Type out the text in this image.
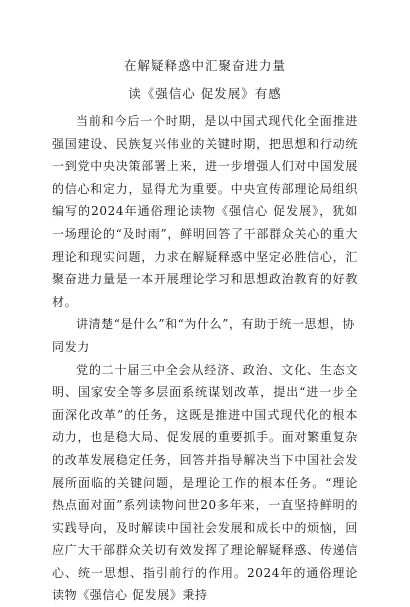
在解疑释惑中汇聚奋进力量

读《强信心 促发展》有感

当前和今后一个时期，是以中国式现代化全面推进强国建设、民族复兴伟业的关键时期，把思想和行动统一到党中央决策部署上来，进一步增强人们对中国发展的信心和定力，显得尤为重要。中央宣传部理论局组织编写的2024年通俗理论读物《强信心 促发展》，犹如一场理论的“及时雨”，鲜明回答了干部群众关心的重大理论和现实问题，力求在解疑释惑中坚定必胜信心，汇聚奋进力量是一本开展理论学习和思想政治教育的好教材。

讲清楚“是什么”和“为什么”，有助于统一思想，协同发力

党的二十届三中全会从经济、政治、文化、生态文明、国家安全等多层面系统谋划改革，提出“进一步全面深化改革”的任务，这既是推进中国式现代化的根本动力，也是稳大局、促发展的重要抓手。面对繁重复杂的改革发展稳定任务，回答并指导解决当下中国社会发展所面临的关键问题，是理论工作的根本任务。“理论热点面对面”系列读物问世20多年来，一直坚持鲜明的实践导向，及时解读中国社会发展和成长中的烦恼，回应广大干部群众关切有效发挥了理论解疑释惑、传递信心、统一思想、指引前行的作用。2024年的通俗理论读物《强信心 促发展》秉持
